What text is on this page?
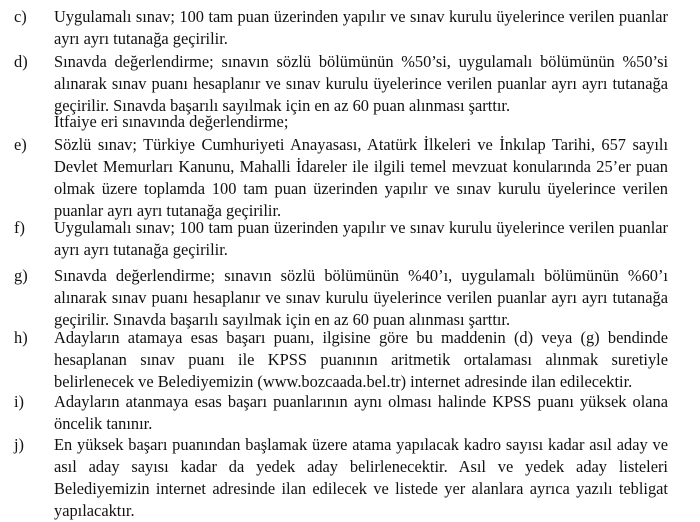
c) Uygulamalı sınav; 100 tam puan üzerinden yapılır ve sınav kurulu üyelerince verilen puanlar ayrı ayrı tutanağa geçirilir.
d) Sınavda değerlendirme; sınavın sözlü bölümünün %50’si, uygulamalı bölümünün %50’si alınarak sınav puanı hesaplanır ve sınav kurulu üyelerince verilen puanlar ayrı ayrı tutanağa geçirilir. Sınavda başarılı sayılmak için en az 60 puan alınması şarttır.
İtfaiye eri sınavında değerlendirme;
e) Sözlü sınav; Türkiye Cumhuriyeti Anayasası, Atatürk İlkeleri ve İnkılap Tarihi, 657 sayılı Devlet Memurları Kanunu, Mahalli İdareler ile ilgili temel mevzuat konularında 25’er puan olmak üzere toplamda 100 tam puan üzerinden yapılır ve sınav kurulu üyelerince verilen puanlar ayrı ayrı tutanağa geçirilir.
f) Uygulamalı sınav; 100 tam puan üzerinden yapılır ve sınav kurulu üyelerince verilen puanlar ayrı ayrı tutanağa geçirilir.
g) Sınavda değerlendirme; sınavın sözlü bölümünün %40’ı, uygulamalı bölümünün %60’ı alınarak sınav puanı hesaplanır ve sınav kurulu üyelerince verilen puanlar ayrı ayrı tutanağa geçirilir. Sınavda başarılı sayılmak için en az 60 puan alınması şarttır.
h) Adayların atamaya esas başarı puanı, ilgisine göre bu maddenin (d) veya (g) bendinde hesaplanan sınav puanı ile KPSS puanının aritmetik ortalaması alınmak suretiyle belirlenecek ve Belediyemizin (www.bozcaada.bel.tr) internet adresinde ilan edilecektir.
i) Adayların atanmaya esas başarı puanlarının aynı olması halinde KPSS puanı yüksek olana öncelik tanınır.
j) En yüksek başarı puanından başlamak üzere atama yapılacak kadro sayısı kadar asıl aday ve asıl aday sayısı kadar da yedek aday belirlenecektir. Asıl ve yedek aday listeleri Belediyemizin internet adresinde ilan edilecek ve listede yer alanlara ayrıca yazılı tebligat yapılacaktır.
